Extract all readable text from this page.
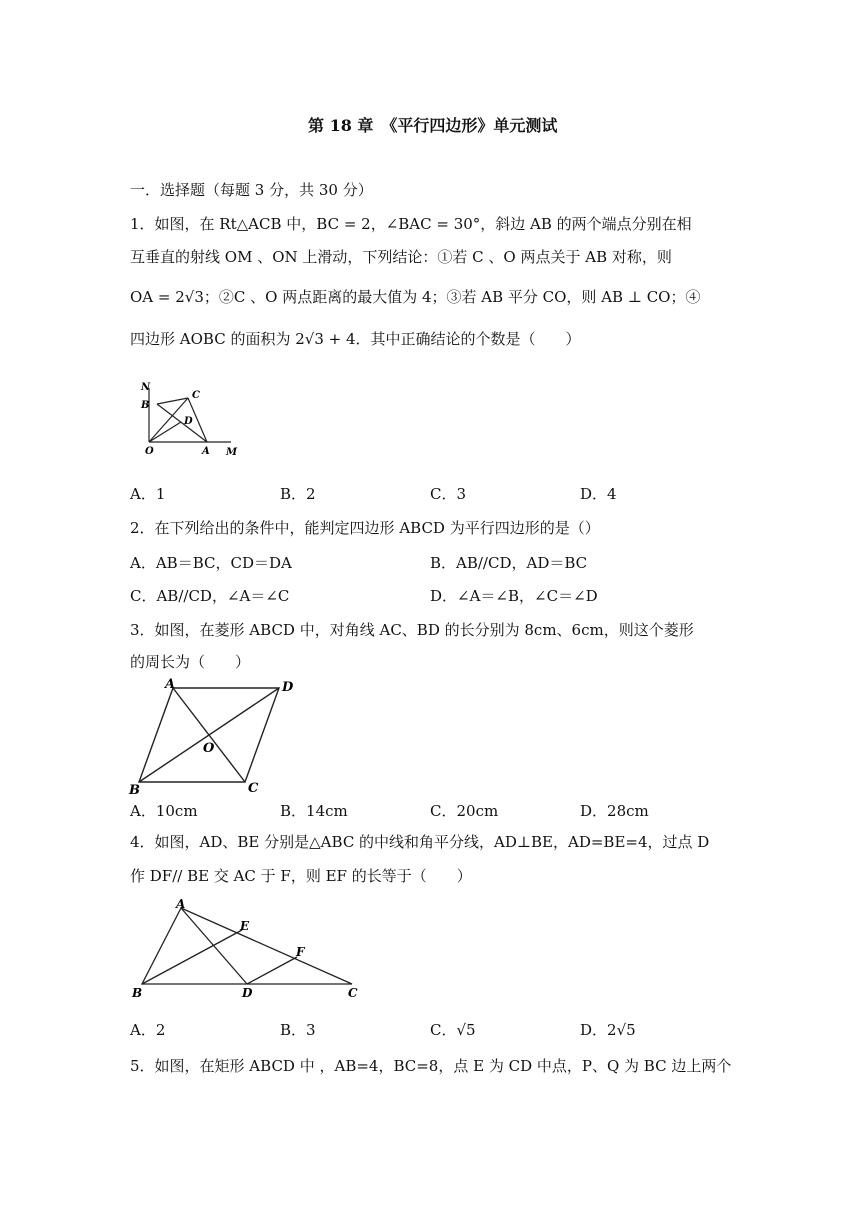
第 18 章　《平行四边形》单元测试
一．选择题（每题 3 分，共 30 分）
1．如图，在 Rt△ACB 中，BC = 2，∠BAC = 30°，斜边 AB 的两个端点分别在相
互垂直的射线 OM 、ON 上滑动，下列结论：①若 C 、O 两点关于 AB 对称，则
OA = 2√3；②C 、O 两点距离的最大值为 4；③若 AB 平分 CO，则 AB ⊥ CO；④
四边形 AOBC 的面积为 2√3 + 4．其中正确结论的个数是（　　）
N
B
C
D
O	A M
A．1	B．2	C．3	D．4
2．在下列给出的条件中，能判定四边形 ABCD 为平行四边形的是（）
A．AB＝BC，CD＝DA	B．AB//CD，AD＝BC
C．AB//CD，∠A＝∠C	D．∠A＝∠B，∠C＝∠D
3．如图，在菱形 ABCD 中，对角线 AC、BD 的长分别为 8cm、6cm，则这个菱形
的周长为（　　）
A	D
O
B	C
A．10cm	B．14cm	C．20cm	D．28cm
4．如图，AD、BE 分别是△ABC 的中线和角平分线，AD⊥BE，AD=BE=4，过点 D
作 DF// BE 交 AC 于 F，则 EF 的长等于（　　）
A
E
F
B	D	C
A．2	B．3	C．√5	D．2√5
5．如图，在矩形 ABCD 中 ，AB=4，BC=8，点 E 为 CD 中点，P、Q 为 BC 边上两个
